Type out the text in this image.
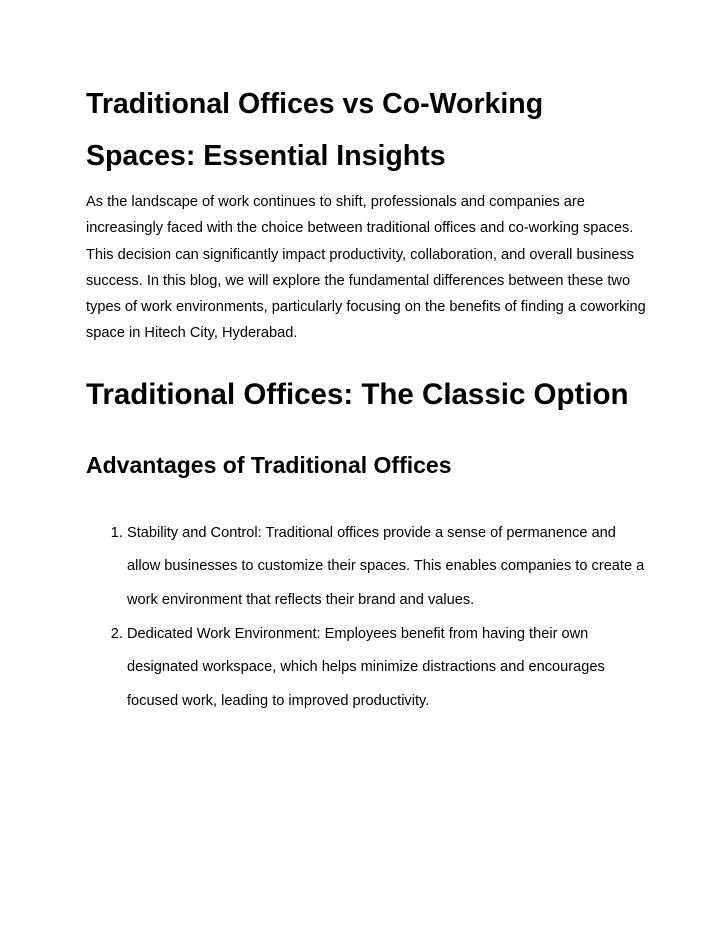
Traditional Offices vs Co-Working Spaces: Essential Insights

As the landscape of work continues to shift, professionals and companies are increasingly faced with the choice between traditional offices and co-working spaces. This decision can significantly impact productivity, collaboration, and overall business success. In this blog, we will explore the fundamental differences between these two types of work environments, particularly focusing on the benefits of finding a coworking space in Hitech City, Hyderabad.

Traditional Offices: The Classic Option
Advantages of Traditional Offices
1. Stability and Control: Traditional offices provide a sense of permanence and allow businesses to customize their spaces. This enables companies to create a work environment that reflects their brand and values.
2. Dedicated Work Environment: Employees benefit from having their own designated workspace, which helps minimize distractions and encourages focused work, leading to improved productivity.
